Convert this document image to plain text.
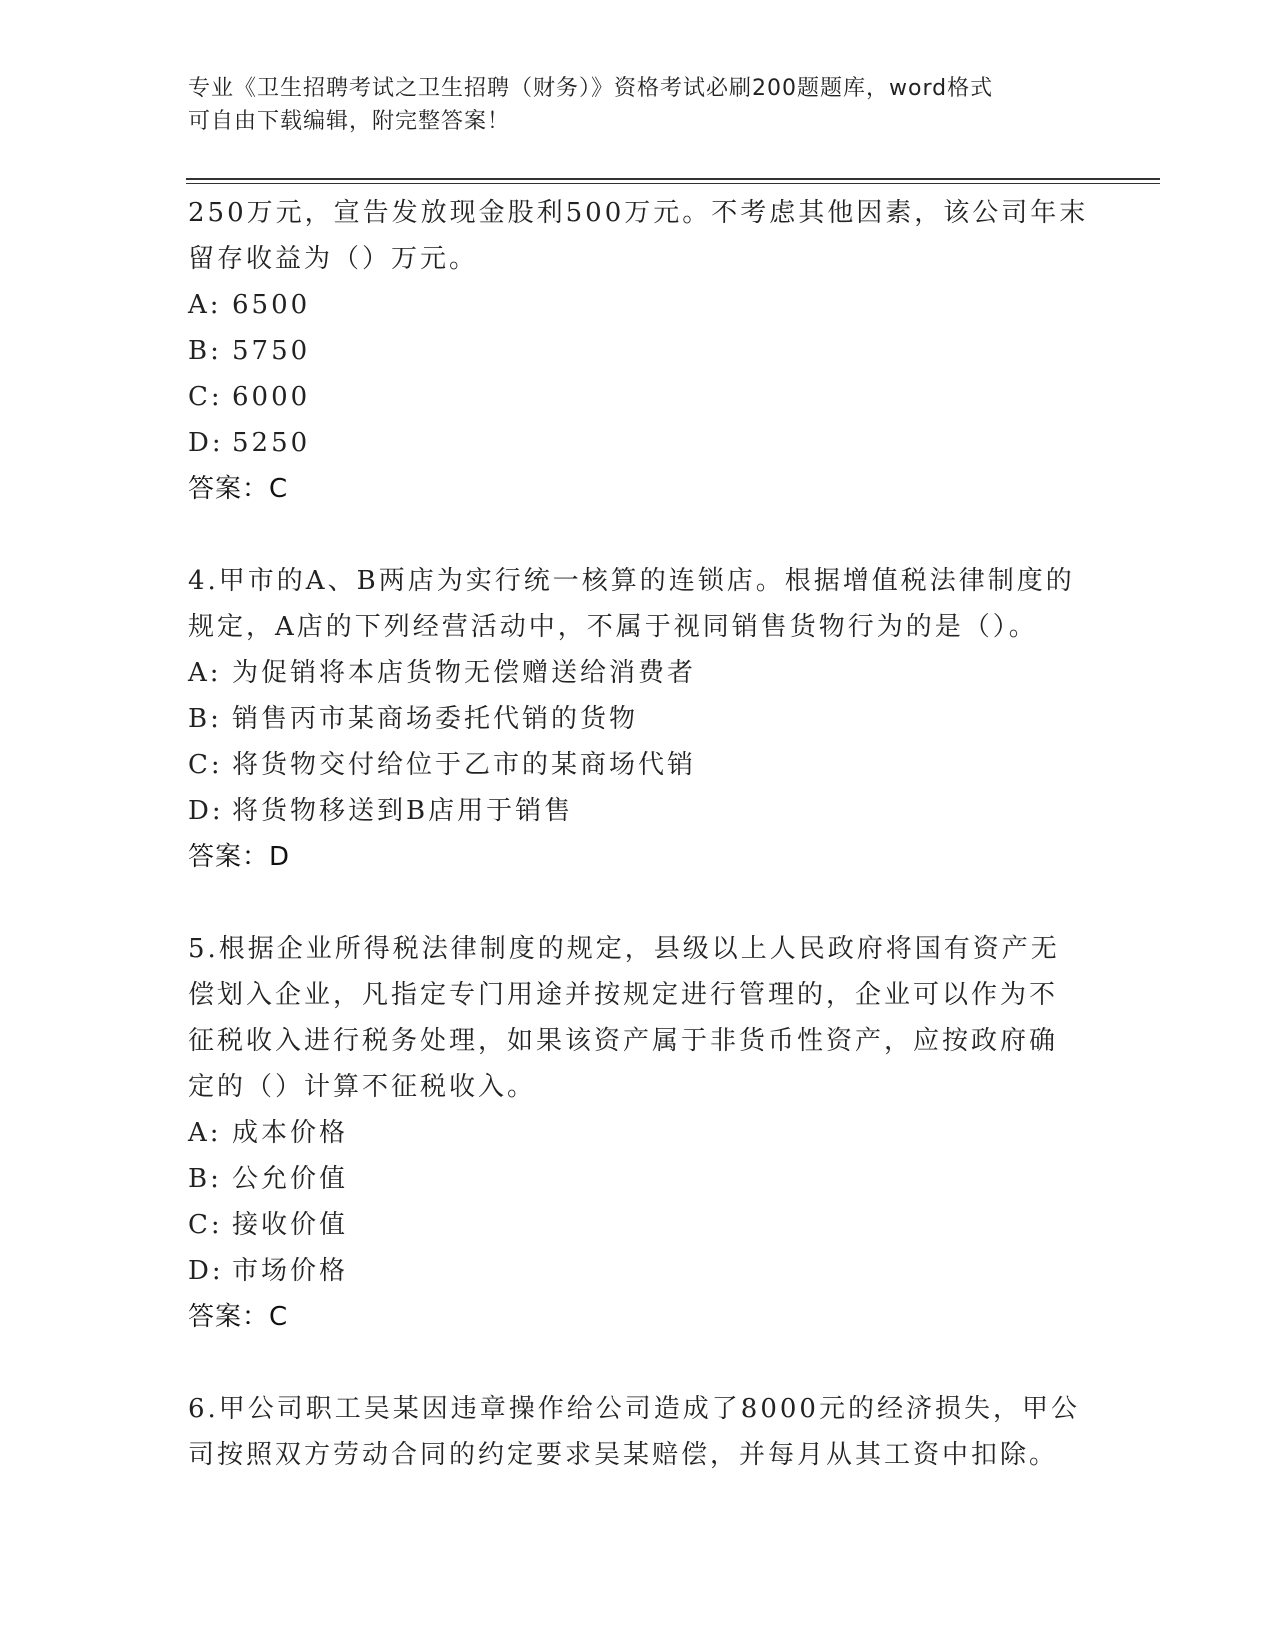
专业《卫生招聘考试之卫生招聘（财务）》资格考试必刷200题题库，word格式
可自由下载编辑，附完整答案！
250万元，宣告发放现金股利500万元。不考虑其他因素，该公司年末
留存收益为（）万元。
A: 6500
B: 5750
C: 6000
D: 5250
答案：C
4.甲市的A、B两店为实行统一核算的连锁店。根据增值税法律制度的
规定，A店的下列经营活动中，不属于视同销售货物行为的是（）。
A: 为促销将本店货物无偿赠送给消费者
B: 销售丙市某商场委托代销的货物
C: 将货物交付给位于乙市的某商场代销
D: 将货物移送到B店用于销售
答案：D
5.根据企业所得税法律制度的规定，县级以上人民政府将国有资产无
偿划入企业，凡指定专门用途并按规定进行管理的，企业可以作为不
征税收入进行税务处理，如果该资产属于非货币性资产，应按政府确
定的（）计算不征税收入。
A: 成本价格
B: 公允价值
C: 接收价值
D: 市场价格
答案：C
6.甲公司职工吴某因违章操作给公司造成了8000元的经济损失，甲公
司按照双方劳动合同的约定要求吴某赔偿，并每月从其工资中扣除。
